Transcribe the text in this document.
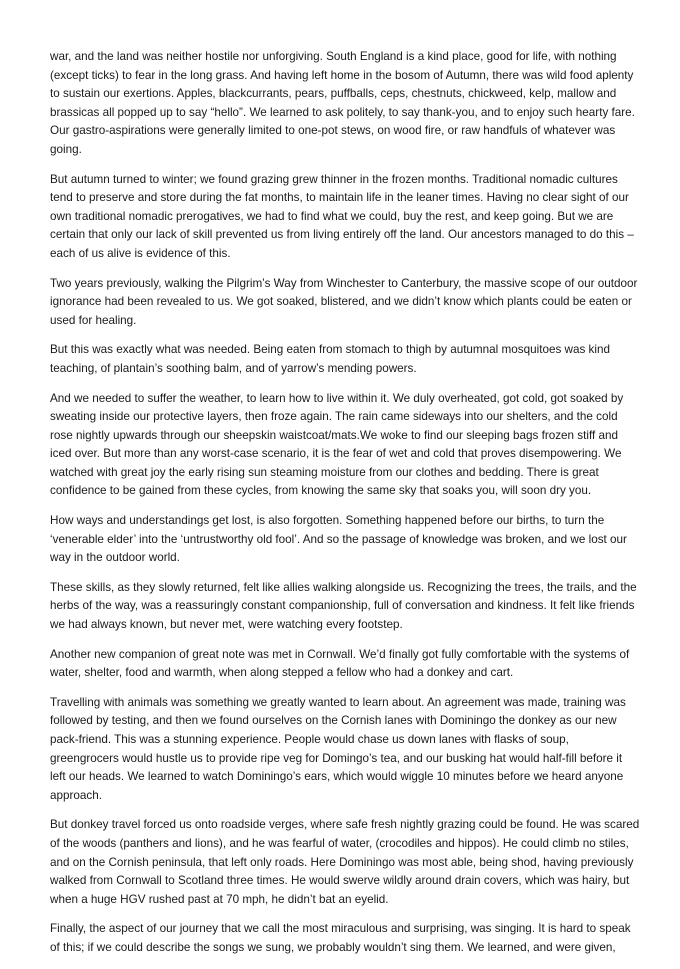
war, and the land was neither hostile nor unforgiving. South England is a kind place, good for life, with nothing (except ticks) to fear in the long grass. And having left home in the bosom of Autumn, there was wild food aplenty to sustain our exertions. Apples, blackcurrants, pears, puffballs, ceps, chestnuts, chickweed, kelp, mallow and brassicas all popped up to say “hello”. We learned to ask politely, to say thank-you, and to enjoy such hearty fare. Our gastro-aspirations were generally limited to one-pot stews, on wood fire, or raw handfuls of whatever was going.

But autumn turned to winter; we found grazing grew thinner in the frozen months. Traditional nomadic cultures tend to preserve and store during the fat months, to maintain life in the leaner times. Having no clear sight of our own traditional nomadic prerogatives, we had to find what we could, buy the rest, and keep going. But we are certain that only our lack of skill prevented us from living entirely off the land. Our ancestors managed to do this – each of us alive is evidence of this.

Two years previously, walking the Pilgrim’s Way from Winchester to Canterbury, the massive scope of our outdoor ignorance had been revealed to us. We got soaked, blistered, and we didn’t know which plants could be eaten or used for healing.

But this was exactly what was needed. Being eaten from stomach to thigh by autumnal mosquitoes was kind teaching, of plantain’s soothing balm, and of yarrow’s mending powers.

And we needed to suffer the weather, to learn how to live within it. We duly overheated, got cold, got soaked by sweating inside our protective layers, then froze again. The rain came sideways into our shelters, and the cold rose nightly upwards through our sheepskin waistcoat/mats.We woke to find our sleeping bags frozen stiff and iced over. But more than any worst-case scenario, it is the fear of wet and cold that proves disempowering. We watched with great joy the early rising sun steaming moisture from our clothes and bedding. There is great confidence to be gained from these cycles, from knowing the same sky that soaks you, will soon dry you.

How ways and understandings get lost, is also forgotten. Something happened before our births, to turn the ‘venerable elder’ into the ‘untrustworthy old fool’. And so the passage of knowledge was broken, and we lost our way in the outdoor world.

These skills, as they slowly returned, felt like allies walking alongside us. Recognizing the trees, the trails, and the herbs of the way, was a reassuringly constant companionship, full of conversation and kindness. It felt like friends we had always known, but never met, were watching every footstep.

Another new companion of great note was met in Cornwall. We’d finally got fully comfortable with the systems of water, shelter, food and warmth, when along stepped a fellow who had a donkey and cart.

Travelling with animals was something we greatly wanted to learn about. An agreement was made, training was followed by testing, and then we found ourselves on the Cornish lanes with Dominingo the donkey as our new pack-friend. This was a stunning experience. People would chase us down lanes with flasks of soup, greengrocers would hustle us to provide ripe veg for Domingo’s tea, and our busking hat would half-fill before it left our heads. We learned to watch Dominingo’s ears, which would wiggle 10 minutes before we heard anyone approach.

But donkey travel forced us onto roadside verges, where safe fresh nightly grazing could be found. He was scared of the woods (panthers and lions), and he was fearful of water, (crocodiles and hippos). He could climb no stiles, and on the Cornish peninsula, that left only roads. Here Dominingo was most able, being shod, having previously walked from Cornwall to Scotland three times. He would swerve wildly around drain covers, which was hairy, but when a huge HGV rushed past at 70 mph, he didn’t bat an eyelid.

Finally, the aspect of our journey that we call the most miraculous and surprising, was singing. It is hard to speak of this; if we could describe the songs we sung, we probably wouldn’t sing them. We learned, and were given,
